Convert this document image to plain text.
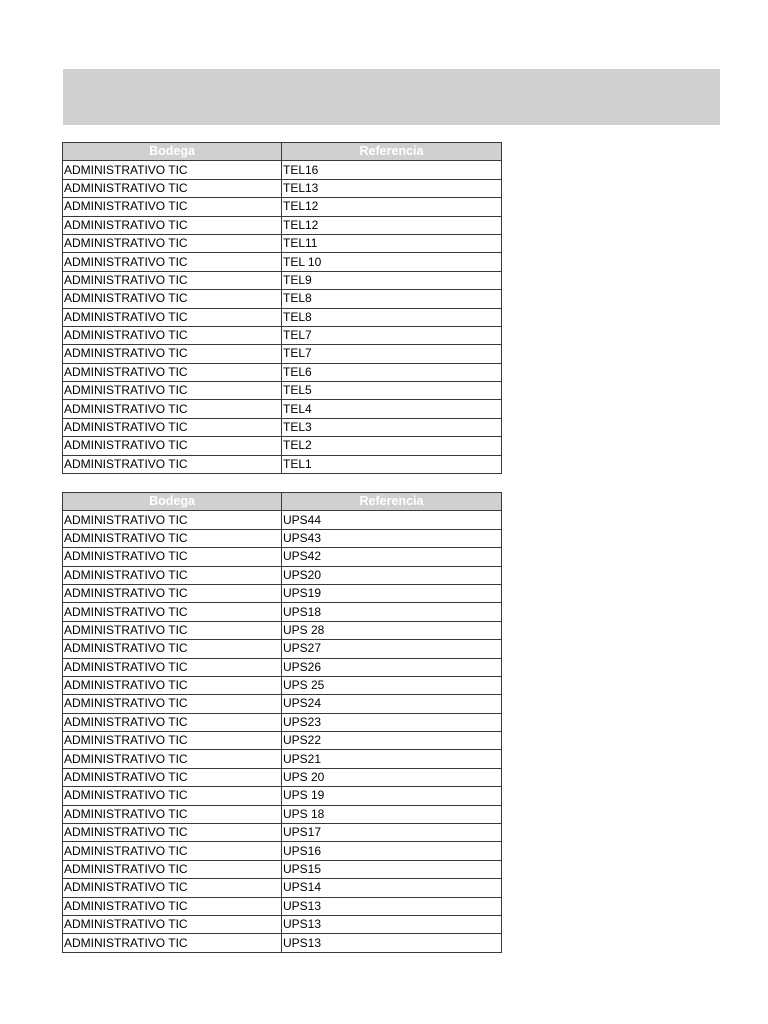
Bodega	Referencia
ADMINISTRATIVO TIC	TEL16
ADMINISTRATIVO TIC	TEL13
ADMINISTRATIVO TIC	TEL12
ADMINISTRATIVO TIC	TEL12
ADMINISTRATIVO TIC	TEL11
ADMINISTRATIVO TIC	TEL 10
ADMINISTRATIVO TIC	TEL9
ADMINISTRATIVO TIC	TEL8
ADMINISTRATIVO TIC	TEL8
ADMINISTRATIVO TIC	TEL7
ADMINISTRATIVO TIC	TEL7
ADMINISTRATIVO TIC	TEL6
ADMINISTRATIVO TIC	TEL5
ADMINISTRATIVO TIC	TEL4
ADMINISTRATIVO TIC	TEL3
ADMINISTRATIVO TIC	TEL2
ADMINISTRATIVO TIC	TEL1
Bodega	Referencia
ADMINISTRATIVO TIC	UPS44
ADMINISTRATIVO TIC	UPS43
ADMINISTRATIVO TIC	UPS42
ADMINISTRATIVO TIC	UPS20
ADMINISTRATIVO TIC	UPS19
ADMINISTRATIVO TIC	UPS18
ADMINISTRATIVO TIC	UPS 28
ADMINISTRATIVO TIC	UPS27
ADMINISTRATIVO TIC	UPS26
ADMINISTRATIVO TIC	UPS 25
ADMINISTRATIVO TIC	UPS24
ADMINISTRATIVO TIC	UPS23
ADMINISTRATIVO TIC	UPS22
ADMINISTRATIVO TIC	UPS21
ADMINISTRATIVO TIC	UPS 20
ADMINISTRATIVO TIC	UPS 19
ADMINISTRATIVO TIC	UPS 18
ADMINISTRATIVO TIC	UPS17
ADMINISTRATIVO TIC	UPS16
ADMINISTRATIVO TIC	UPS15
ADMINISTRATIVO TIC	UPS14
ADMINISTRATIVO TIC	UPS13
ADMINISTRATIVO TIC	UPS13
ADMINISTRATIVO TIC	UPS13
